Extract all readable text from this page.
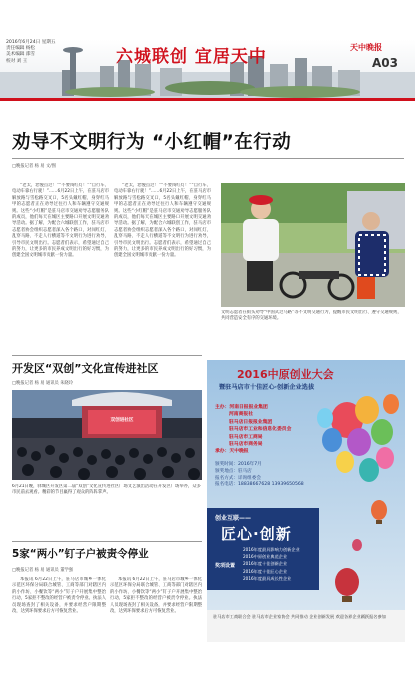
2016年6月24日 星期五
责任编辑 杨松
美术编辑 邵雪
校对 刘 王	六城联创 宜居天中	天中晚报
A03
劝导不文明行为 “小红帽”在行动
□晚报记者 杨 易 文/图
“老太，您慢点过！”“不要闯红灯！”“自行车、电动车靠右行驶！”……6月22日上午，在驻马店市解放路与雪松路交叉口，5名头戴红帽、身穿红马甲的志愿者正在劝导过往行人和车辆遵守交通规则。这些“小红帽”是驻马店市交通劝导志愿服务队的成员，他们每天在城区主要路口开展文明交通劝导活动。据了解，为配合六城联创工作，驻马店市志愿者协会组织志愿者深入各个路口，对闯红灯、乱穿马路、不走人行横道等不文明行为进行劝导，引导市民文明出行。志愿者们表示，希望通过自己的努力，让更多的市民养成文明出行的好习惯，为创建全国文明城市贡献一份力量。
“老太，您慢点过！”“不要闯红灯！”“自行车、电动车靠右行驶！”……6月22日上午，在驻马店市解放路与雪松路交叉口，5名头戴红帽、身穿红马甲的志愿者正在劝导过往行人和车辆遵守交通规则。这些“小红帽”是驻马店市交通劝导志愿服务队的成员，他们每天在城区主要路口开展文明交通劝导活动。据了解，为配合六城联创工作，驻马店市志愿者协会组织志愿者深入各个路口，对闯红灯、乱穿马路、不走人行横道等不文明行为进行劝导，引导市民文明出行。志愿者们表示，希望通过自己的努力，让更多的市民养成文明出行的好习惯，为创建全国文明城市贡献一份力量。
文明志愿者在街头劝导“中国式过马路”等不文明交通行为，提醒市民文明出行、遵守交通规则，共同营造安全有序的交通环境。
开发区“双创”文化宣传进社区
□晚报记者 杨 易 通讯员 朱晓玲
双创进社区
6月21日晚，驿城区开发区第二届“双创”文化宣传进社区广场文艺演出活动在开发区广场举办，众多市民前去观看。精彩的节目赢得了观众的阵阵掌声。
5家“两小”钉子户被责令停业
□晚报记者 杨 易 通讯员 董学强
本报讯 6月22日上午，驻马店市城乡一体化示范区环保分局联合城管、工商等部门对辖区内的小作坊、小餐饮等“两小”钉子户开展集中整治行动，5家拒不整改的经营户被责令停业。执法人员现场查封了相关设备，并要求经营户限期整改，达到环保要求后方可恢复营业。
本报讯 6月22日上午，驻马店市城乡一体化示范区环保分局联合城管、工商等部门对辖区内的小作坊、小餐饮等“两小”钉子户开展集中整治行动，5家拒不整改的经营户被责令停业。执法人员现场查封了相关设备，并要求经营户限期整改，达到环保要求后方可恢复营业。
2016中原创业大会
暨驻马店市十佳匠心·创新企业选拔
主办：河南日报报业集团
河南商报社
驻马店日报报业集团
驻马店市工业和信息化委员会
驻马店市工商局
驻马店市商务局
承办：天中晚报
颁奖时间：2016年7月
颁奖地点：驻马店
报名方式：详询组委会
报名电话：18838667628 13939650568
创业互联——
匠心·创新
奖项设置
2016年度最具影响力创新企业
2016中原创业典范企业
2016年度十佳创新企业
2016年度十佳匠心企业
2016年度最具成长性企业
驻马店市工商联合会 驻马店市企业家协会 共同推动 企业创新发展 欢迎各界企业踊跃报名参加
